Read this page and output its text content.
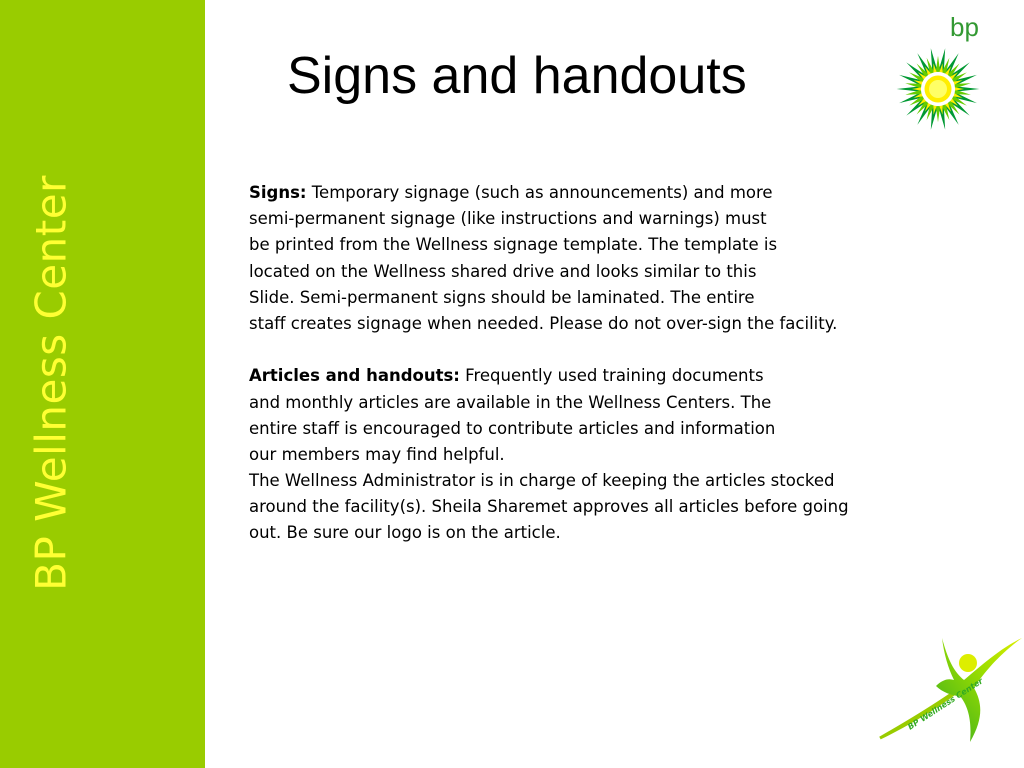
BP Wellness Center
Signs and handouts
bp
Signs: Temporary signage (such as announcements) and more
semi-permanent signage (like instructions and warnings) must
be printed from the Wellness signage template. The template is
located on the Wellness shared drive and looks similar to this
Slide. Semi-permanent signs should be laminated. The entire
staff creates signage when needed. Please do not over-sign the facility.
Articles and handouts: Frequently used training documents
and monthly articles are available in the Wellness Centers. The
entire staff is encouraged to contribute articles and information
our members may find helpful.
The Wellness Administrator is in charge of keeping the articles stocked
around the facility(s). Sheila Sharemet approves all articles before going
out. Be sure our logo is on the article.
BP Wellness Center
